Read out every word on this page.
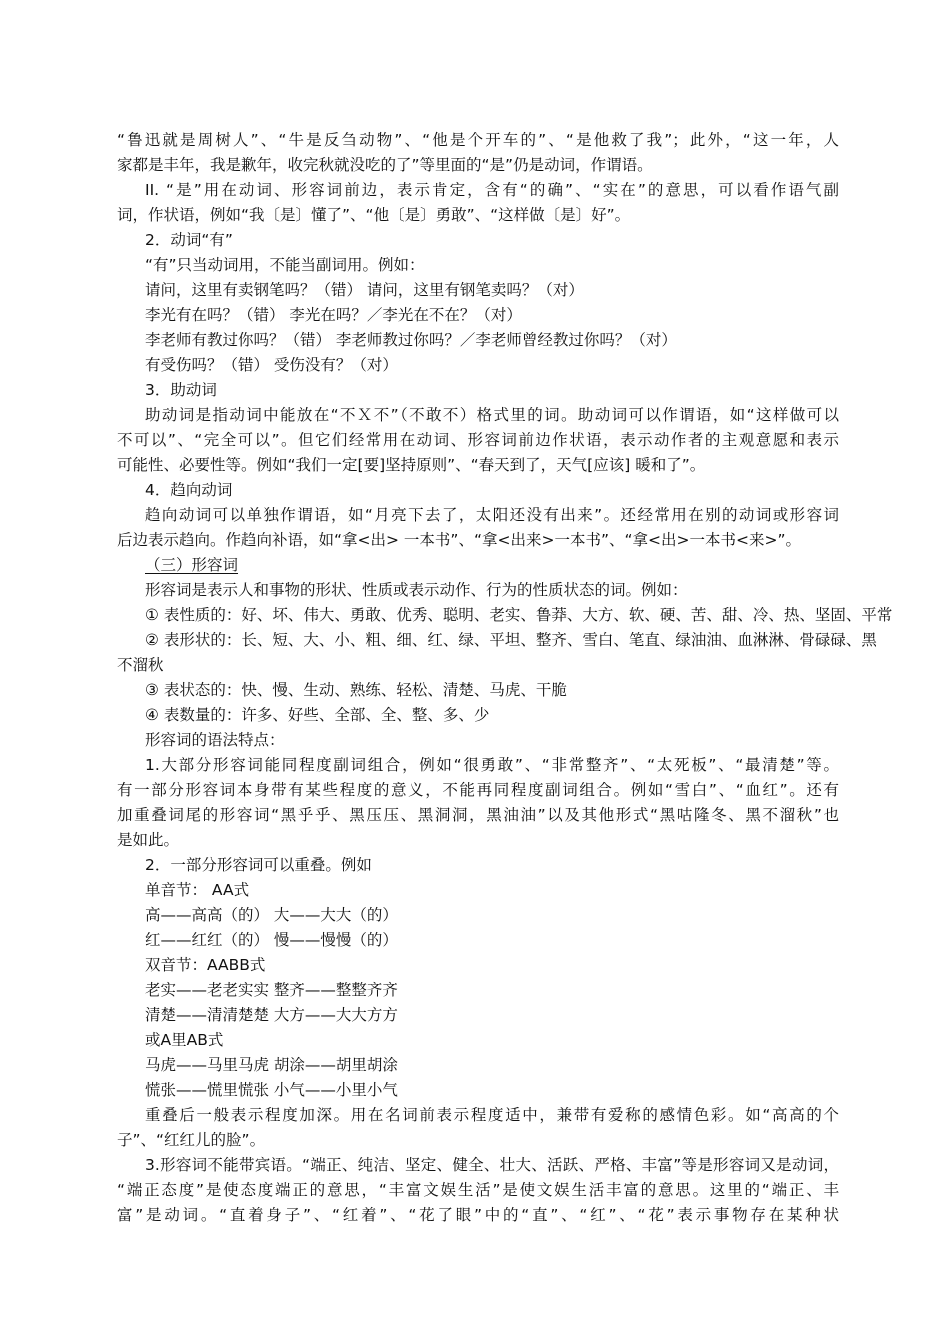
“鲁迅就是周树人”、“牛是反刍动物”、“他是个开车的”、“是他救了我”；此外，“这一年，人
家都是丰年，我是歉年，收完秋就没吃的了”等里面的“是”仍是动词，作谓语。
II. “是”用在动词、形容词前边，表示肯定，含有“的确”、“实在”的意思，可以看作语气副
词，作状语，例如“我〔是〕懂了”、“他〔是〕勇敢”、“这样做〔是〕好”。
2．动词“有”
“有”只当动词用，不能当副词用。例如：
请问，这里有卖钢笔吗？（错） 请问，这里有钢笔卖吗？（对）
李光有在吗？（错） 李光在吗？／李光在不在？（对）
李老师有教过你吗？（错） 李老师教过你吗？／李老师曾经教过你吗？（对）
有受伤吗？（错） 受伤没有？（对）
3．助动词
助动词是指动词中能放在“不Ｘ不”（不敢不）格式里的词。助动词可以作谓语，如“这样做可以
不可以”、“完全可以”。但它们经常用在动词、形容词前边作状语，表示动作者的主观意愿和表示
可能性、必要性等。例如“我们一定[要]坚持原则”、“春天到了，天气[应该] 暖和了”。
4．趋向动词
趋向动词可以单独作谓语，如“月亮下去了，太阳还没有出来”。还经常用在别的动词或形容词
后边表示趋向。作趋向补语，如“拿<出> 一本书”、“拿<出来>一本书”、“拿<出>一本书<来>”。
（三）形容词
形容词是表示人和事物的形状、性质或表示动作、行为的性质状态的词。例如：
① 表性质的：好、坏、伟大、勇敢、优秀、聪明、老实、鲁莽、大方、软、硬、苦、甜、冷、热、坚固、平常
② 表形状的：长、短、大、小、粗、细、红、绿、平坦、整齐、雪白、笔直、绿油油、血淋淋、骨碌碌、黑
不溜秋
③ 表状态的：快、慢、生动、熟练、轻松、清楚、马虎、干脆
④ 表数量的：许多、好些、全部、全、整、多、少
形容词的语法特点：
1.大部分形容词能同程度副词组合，例如“很勇敢”、“非常整齐”、“太死板”、“最清楚”等。
有一部分形容词本身带有某些程度的意义，不能再同程度副词组合。例如“雪白”、“血红”。还有
加重叠词尾的形容词“黑乎乎、黑压压、黑洞洞，黑油油”以及其他形式“黑咕隆冬、黑不溜秋”也
是如此。
2．一部分形容词可以重叠。例如
单音节： AA式
高——高高（的） 大——大大（的）
红——红红（的） 慢——慢慢（的）
双音节：AABB式
老实——老老实实 整齐——整整齐齐
清楚——清清楚楚 大方——大大方方
或A里AB式
马虎——马里马虎 胡涂——胡里胡涂
慌张——慌里慌张 小气——小里小气
重叠后一般表示程度加深。用在名词前表示程度适中，兼带有爱称的感情色彩。如“高高的个
子”、“红红儿的脸”。
3.形容词不能带宾语。“端正、纯洁、坚定、健全、壮大、活跃、严格、丰富”等是形容词又是动词，
“端正态度”是使态度端正的意思，“丰富文娱生活”是使文娱生活丰富的意思。这里的“端正、丰
富”是动词。“直着身子”、“红着”、“花了眼”中的“直”、“红”、“花”表示事物存在某种状
